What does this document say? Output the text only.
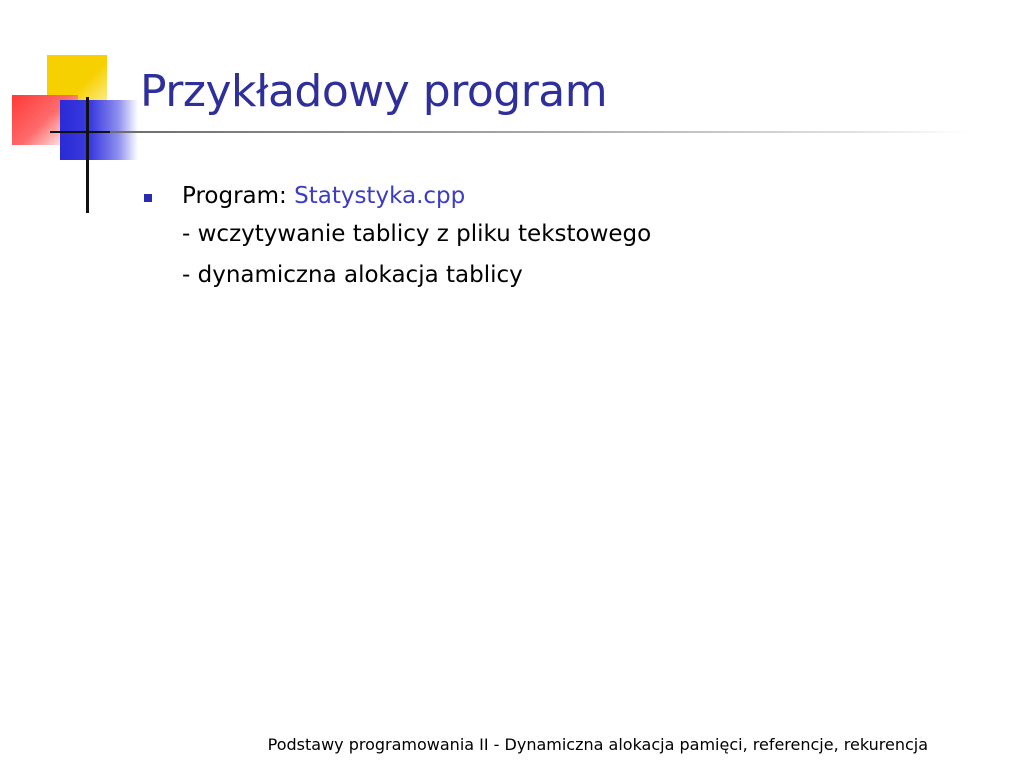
Przykładowy program
Program: Statystyka.cpp
- wczytywanie tablicy z pliku tekstowego
- dynamiczna alokacja tablicy
Podstawy programowania II - Dynamiczna alokacja pamięci, referencje, rekurencja
